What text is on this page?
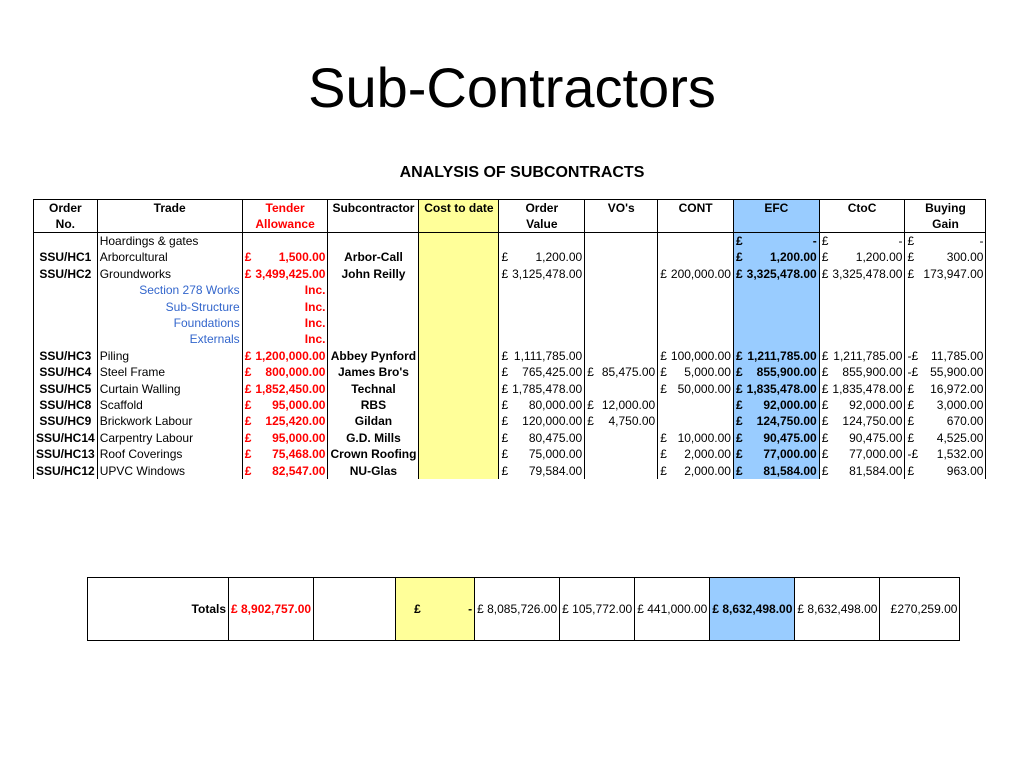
Sub-Contractors
ANALYSIS OF SUBCONTRACTS
Order	Trade	Tender	Subcontractor	Cost to date	Order	VO's	CONT	EFC	CtoC	Buying
No.		Allowance			Value					Gain
	Hoardings & gates							£ -	£ -	£ -

SSU/HC1	Arborcultural	£ 1,500.00	Arbor-Call		£ 1,200.00			£ 1,200.00	£ 1,200.00	£ 300.00

SSU/HC2	Groundworks	£ 3,499,425.00	John Reilly		£ 3,125,478.00		£ 200,000.00	£ 3,325,478.00	£ 3,325,478.00	£ 173,947.00

	Section 278 Works	Inc.								
	Sub-Structure	Inc.								
	Foundations	Inc.								
	Externals	Inc.								
SSU/HC3	Piling	£ 1,200,000.00	Abbey Pynford		£ 1,111,785.00		£ 100,000.00	£ 1,211,785.00	£ 1,211,785.00	-£ 11,785.00

SSU/HC4	Steel Frame	£ 800,000.00	James Bro's		£ 765,425.00	£ 85,475.00	£ 5,000.00	£ 855,900.00	£ 855,900.00	-£ 55,900.00

SSU/HC5	Curtain Walling	£ 1,852,450.00	Technal		£ 1,785,478.00		£ 50,000.00	£ 1,835,478.00	£ 1,835,478.00	£ 16,972.00

SSU/HC8	Scaffold	£ 95,000.00	RBS		£ 80,000.00	£ 12,000.00		£ 92,000.00	£ 92,000.00	£ 3,000.00

SSU/HC9	Brickwork Labour	£ 125,420.00	Gildan		£ 120,000.00	£ 4,750.00		£ 124,750.00	£ 124,750.00	£ 670.00

SSU/HC14	Carpentry Labour	£ 95,000.00	G.D. Mills		£ 80,475.00		£ 10,000.00	£ 90,475.00	£ 90,475.00	£ 4,525.00

SSU/HC13	Roof Coverings	£ 75,468.00	Crown Roofing		£ 75,000.00		£ 2,000.00	£ 77,000.00	£ 77,000.00	-£ 1,532.00

SSU/HC12	UPVC Windows	£ 82,547.00	NU-Glas		£ 79,584.00		£ 2,000.00	£ 81,584.00	£ 81,584.00	£ 963.00
Totals	£ 8,902,757.00		£	-	£ 8,085,726.00	£ 105,772.00	£ 441,000.00	£ 8,632,498.00	£ 8,632,498.00	£ 270,259.00
